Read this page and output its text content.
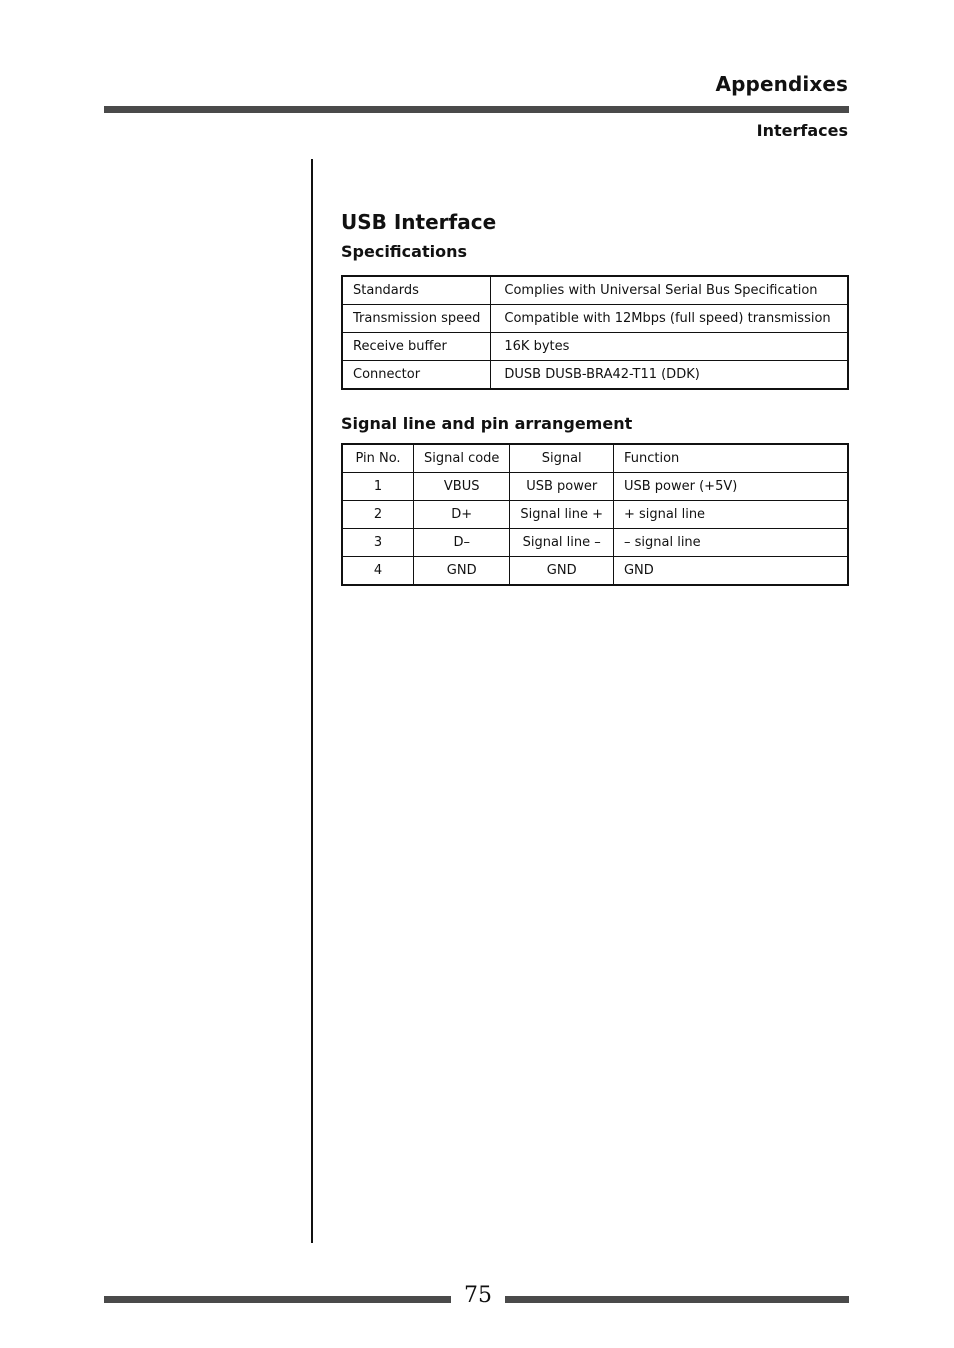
Appendixes
Interfaces
USB Interface
Specifications
Standards	Complies with Universal Serial Bus Specification
Transmission speed	Compatible with 12Mbps (full speed) transmission
Receive buffer	16K bytes
Connector	DUSB DUSB-BRA42-T11 (DDK)
Signal line and pin arrangement
Pin No.	Signal code	Signal	Function
1	VBUS	USB power	USB power (+5V)
2	D+	Signal line +	+ signal line
3	D–	Signal line –	– signal line
4	GND	GND	GND
75
